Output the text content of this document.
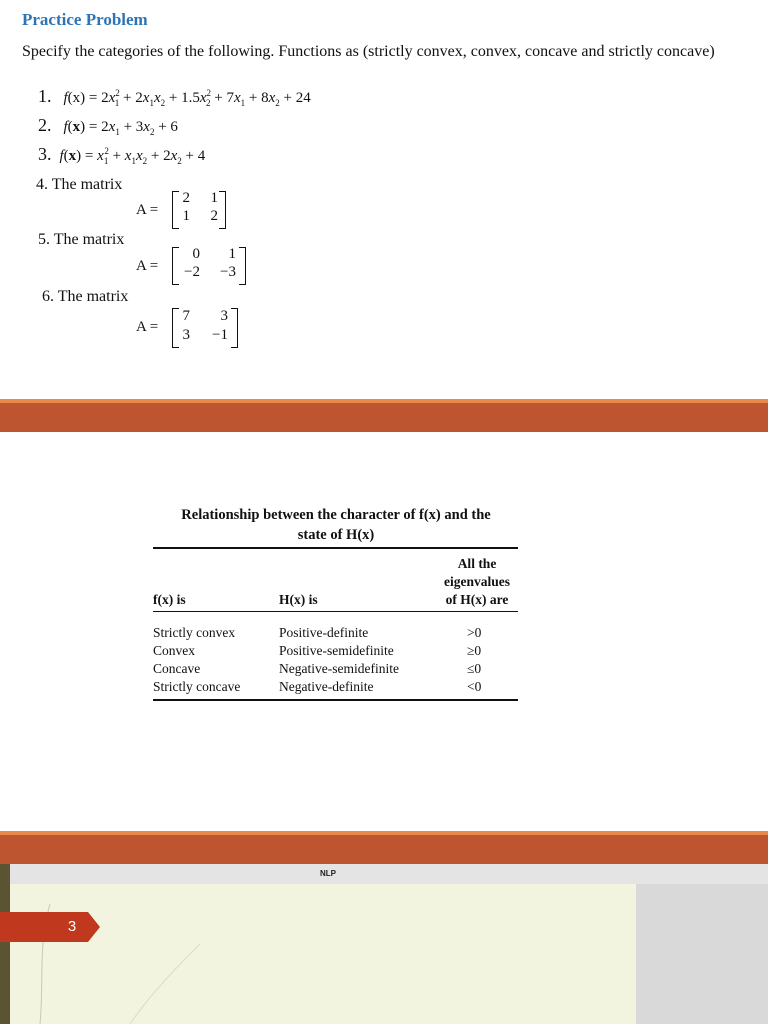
Practice Problem
Specify the categories of the following. Functions as (strictly convex, convex, concave and strictly concave)
1. $f(x) = 2x_{21} + 2x_1x_2 + 1.5x_{22} + 7x_1 + 8x_2 + 24$
2. $f(x) = 2x_1 + 3x_2 + 6$
3. $f(x) = x_1^2 + x_1x_2 + 2x_2 + 4$
4. The matrix
A =
2	1
1	2
5. The matrix
A =
0	1
−2	−3
6. The matrix
A =
7	3
3	−1
Relationship between the character of f(x) and the
state of H(x)
f(x) is	H(x) is
All the
eigenvalues
of H(x) are
Strictly convex	Positive-definite	>0
Convex	Positive-semidefinite	≥0
Concave	Negative-semidefinite	≤0
Strictly concave	Negative-definite	<0
NLP
3
